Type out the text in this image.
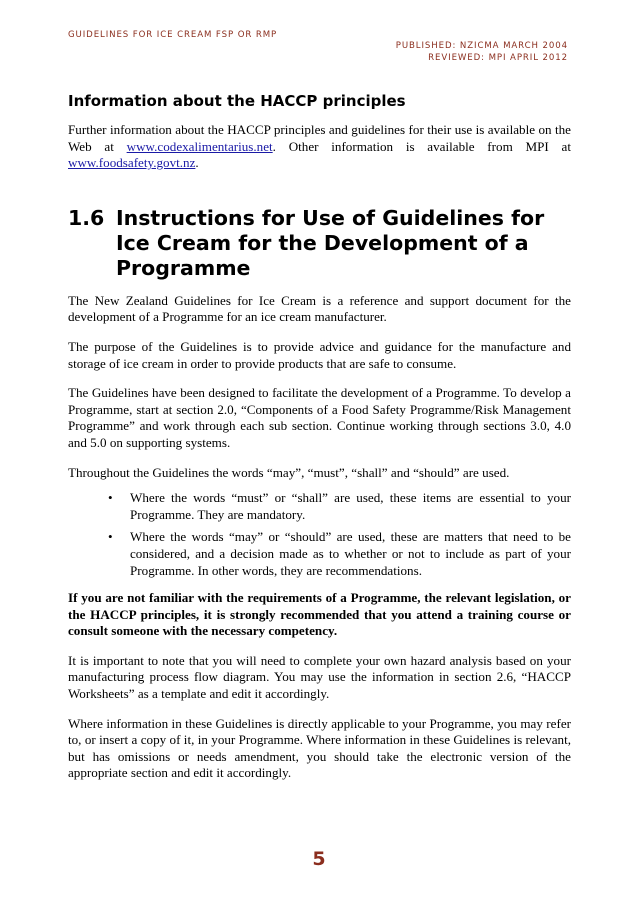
GUIDELINES FOR ICE CREAM FSP OR RMP
PUBLISHED: NZICMA MARCH 2004
REVIEWED: MPI APRIL 2012
Information about the HACCP principles

Further information about the HACCP principles and guidelines for their use is available on the Web at www.codexalimentarius.net. Other information is available from MPI at www.foodsafety.govt.nz.

1.6 Instructions for Use of Guidelines for Ice Cream for the Development of a Programme

The New Zealand Guidelines for Ice Cream is a reference and support document for the development of a Programme for an ice cream manufacturer.

The purpose of the Guidelines is to provide advice and guidance for the manufacture and storage of ice cream in order to provide products that are safe to consume.

The Guidelines have been designed to facilitate the development of a Programme. To develop a Programme, start at section 2.0, “Components of a Food Safety Programme/Risk Management Programme” and work through each sub section. Continue working through sections 3.0, 4.0 and 5.0 on supporting systems.

Throughout the Guidelines the words “may”, “must”, “shall” and “should” are used.

•	Where the words “must” or “shall” are used, these items are essential to your Programme. They are mandatory.
•	Where the words “may” or “should” are used, these are matters that need to be considered, and a decision made as to whether or not to include as part of your Programme. In other words, they are recommendations.

If you are not familiar with the requirements of a Programme, the relevant legislation, or the HACCP principles, it is strongly recommended that you attend a training course or consult someone with the necessary competency.

It is important to note that you will need to complete your own hazard analysis based on your manufacturing process flow diagram. You may use the information in section 2.6, “HACCP Worksheets” as a template and edit it accordingly.

Where information in these Guidelines is directly applicable to your Programme, you may refer to, or insert a copy of it, in your Programme. Where information in these Guidelines is relevant, but has omissions or needs amendment, you should take the electronic version of the appropriate section and edit it accordingly.

5
